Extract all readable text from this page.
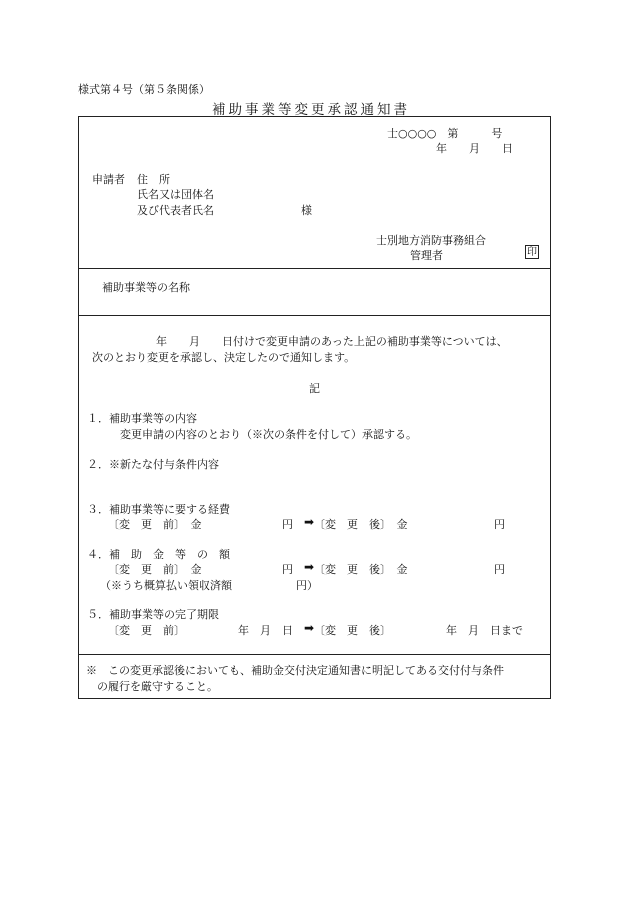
様式第４号（第５条関係）
補助事業等変更承認通知書
士○○○○　第　　　号
年　　月　　日
申請者 住　所
氏名又は団体名
及び代表者氏名	様
士別地方消防事務組合
管理者	印
補助事業等の名称
年　　月　　日付けで変更申請のあった上記の補助事業等については、
次のとおり変更を承認し、決定したので通知します。
記
１．補助事業等の内容
変更申請の内容のとおり（※次の条件を付して）承認する。
２．※新たな付与条件内容
３．補助事業等に要する経費
〔変　更　前〕　金	円 ➡ 〔変　更　後〕　金	円
４．補　助　金　等　の　額
〔変　更　前〕　金	円 ➡ 〔変　更　後〕　金	円
（※うち概算払い領収済額	円）
５．補助事業等の完了期限
〔変　更　前〕	年　月　日 ➡ 〔変　更　後〕	年　月　日まで
※　この変更承認後においても、補助金交付決定通知書に明記してある交付付与条件
の履行を厳守すること。
